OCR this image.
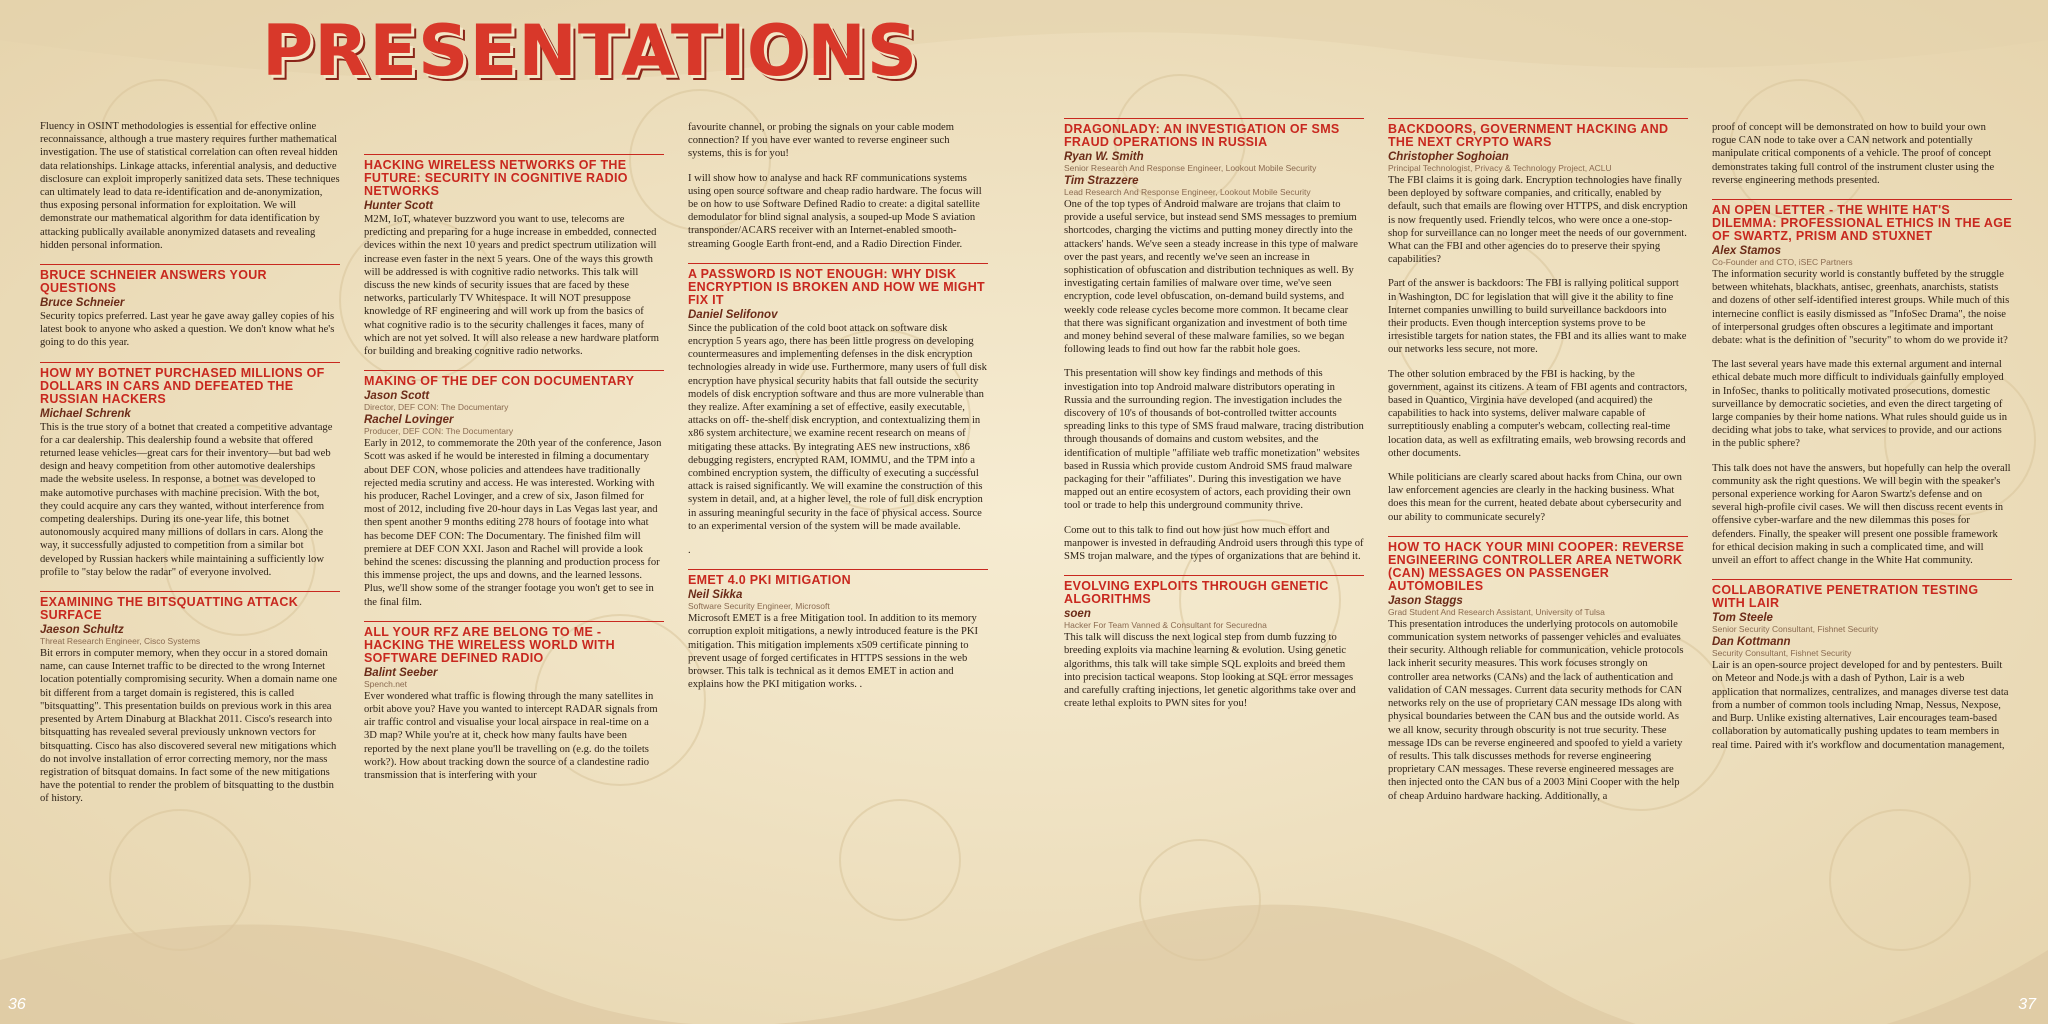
PRESENTATIONS

Fluency in OSINT methodologies is essential for effective online reconnaissance, although a true mastery requires further mathematical investigation. The use of statistical correlation can often reveal hidden data relationships. Linkage attacks, inferential analysis, and deductive disclosure can exploit improperly sanitized data sets. These techniques can ultimately lead to data re-identification and de-anonymization, thus exposing personal information for exploitation. We will demonstrate our mathematical algorithm for data identification by attacking publically available anonymized datasets and revealing hidden personal information.

BRUCE SCHNEIER ANSWERS YOUR QUESTIONS
Bruce Schneier

Security topics preferred. Last year he gave away galley copies of his latest book to anyone who asked a question. We don't know what he's going to do this year.

HOW MY BOTNET PURCHASED MILLIONS OF DOLLARS IN CARS AND DEFEATED THE RUSSIAN HACKERS
Michael Schrenk

This is the true story of a botnet that created a competitive advantage for a car dealership. This dealership found a website that offered returned lease vehicles—great cars for their inventory—but bad web design and heavy competition from other automotive dealerships made the website useless. In response, a botnet was developed to make automotive purchases with machine precision. With the bot, they could acquire any cars they wanted, without interference from competing dealerships. During its one-year life, this botnet autonomously acquired many millions of dollars in cars. Along the way, it successfully adjusted to competition from a similar bot developed by Russian hackers while maintaining a sufficiently low profile to "stay below the radar" of everyone involved.

EXAMINING THE BITSQUATTING ATTACK SURFACE
Jaeson Schultz
Threat Research Engineer, Cisco Systems

Bit errors in computer memory, when they occur in a stored domain name, can cause Internet traffic to be directed to the wrong Internet location potentially compromising security. When a domain name one bit different from a target domain is registered, this is called "bitsquatting". This presentation builds on previous work in this area presented by Artem Dinaburg at Blackhat 2011. Cisco's research into bitsquatting has revealed several previously unknown vectors for bitsquatting. Cisco has also discovered several new mitigations which do not involve installation of error correcting memory, nor the mass registration of bitsquat domains. In fact some of the new mitigations have the potential to render the problem of bitsquatting to the dustbin of history.

HACKING WIRELESS NETWORKS OF THE FUTURE: SECURITY IN COGNITIVE RADIO NETWORKS
Hunter Scott

M2M, IoT, whatever buzzword you want to use, telecoms are predicting and preparing for a huge increase in embedded, connected devices within the next 10 years and predict spectrum utilization will increase even faster in the next 5 years. One of the ways this growth will be addressed is with cognitive radio networks. This talk will discuss the new kinds of security issues that are faced by these networks, particularly TV Whitespace. It will NOT presuppose knowledge of RF engineering and will work up from the basics of what cognitive radio is to the security challenges it faces, many of which are not yet solved. It will also release a new hardware platform for building and breaking cognitive radio networks.

MAKING OF THE DEF CON DOCUMENTARY
Jason Scott
Director, DEF CON: The Documentary
Rachel Lovinger
Producer, DEF CON: The Documentary

Early in 2012, to commemorate the 20th year of the conference, Jason Scott was asked if he would be interested in filming a documentary about DEF CON, whose policies and attendees have traditionally rejected media scrutiny and access. He was interested. Working with his producer, Rachel Lovinger, and a crew of six, Jason filmed for most of 2012, including five 20-hour days in Las Vegas last year, and then spent another 9 months editing 278 hours of footage into what has become DEF CON: The Documentary. The finished film will premiere at DEF CON XXI. Jason and Rachel will provide a look behind the scenes: discussing the planning and production process for this immense project, the ups and downs, and the learned lessons. Plus, we'll show some of the stranger footage you won't get to see in the final film.

ALL YOUR RFZ ARE BELONG TO ME - HACKING THE WIRELESS WORLD WITH SOFTWARE DEFINED RADIO
Balint Seeber
Spench.net

Ever wondered what traffic is flowing through the many satellites in orbit above you? Have you wanted to intercept RADAR signals from air traffic control and visualise your local airspace in real-time on a 3D map? While you're at it, check how many faults have been reported by the next plane you'll be travelling on (e.g. do the toilets work?). How about tracking down the source of a clandestine radio transmission that is interfering with your

favourite channel, or probing the signals on your cable modem connection? If you have ever wanted to reverse engineer such systems, this is for you!

I will show how to analyse and hack RF communications systems using open source software and cheap radio hardware. The focus will be on how to use Software Defined Radio to create: a digital satellite demodulator for blind signal analysis, a souped-up Mode S aviation transponder/ACARS receiver with an Internet-enabled smooth-streaming Google Earth front-end, and a Radio Direction Finder.

A PASSWORD IS NOT ENOUGH: WHY DISK ENCRYPTION IS BROKEN AND HOW WE MIGHT FIX IT
Daniel Selifonov

Since the publication of the cold boot attack on software disk encryption 5 years ago, there has been little progress on developing countermeasures and implementing defenses in the disk encryption technologies already in wide use. Furthermore, many users of full disk encryption have physical security habits that fall outside the security models of disk encryption software and thus are more vulnerable than they realize. After examining a set of effective, easily executable, attacks on off- the-shelf disk encryption, and contextualizing them in x86 system architecture, we examine recent research on means of mitigating these attacks. By integrating AES new instructions, x86 debugging registers, encrypted RAM, IOMMU, and the TPM into a combined encryption system, the difficulty of executing a successful attack is raised significantly. We will examine the construction of this system in detail, and, at a higher level, the role of full disk encryption in assuring meaningful security in the face of physical access. Source to an experimental version of the system will be made available.

.

EMET 4.0 PKI MITIGATION
Neil Sikka
Software Security Engineer, Microsoft

Microsoft EMET is a free Mitigation tool. In addition to its memory corruption exploit mitigations, a newly introduced feature is the PKI mitigation. This mitigation implements x509 certificate pinning to prevent usage of forged certificates in HTTPS sessions in the web browser. This talk is technical as it demos EMET in action and explains how the PKI mitigation works. .

36
DRAGONLADY: AN INVESTIGATION OF SMS FRAUD OPERATIONS IN RUSSIA
Ryan W. Smith
Senior Research And Response Engineer, Lookout Mobile Security
Tim Strazzere
Lead Research And Response Engineer, Lookout Mobile Security

One of the top types of Android malware are trojans that claim to provide a useful service, but instead send SMS messages to premium shortcodes, charging the victims and putting money directly into the attackers' hands. We've seen a steady increase in this type of malware over the past years, and recently we've seen an increase in sophistication of obfuscation and distribution techniques as well. By investigating certain families of malware over time, we've seen encryption, code level obfuscation, on-demand build systems, and weekly code release cycles become more common. It became clear that there was significant organization and investment of both time and money behind several of these malware families, so we began following leads to find out how far the rabbit hole goes.

This presentation will show key findings and methods of this investigation into top Android malware distributors operating in Russia and the surrounding region. The investigation includes the discovery of 10's of thousands of bot-controlled twitter accounts spreading links to this type of SMS fraud malware, tracing distribution through thousands of domains and custom websites, and the identification of multiple "affiliate web traffic monetization" websites based in Russia which provide custom Android SMS fraud malware packaging for their "affiliates". During this investigation we have mapped out an entire ecosystem of actors, each providing their own tool or trade to help this underground community thrive.

Come out to this talk to find out how just how much effort and manpower is invested in defrauding Android users through this type of SMS trojan malware, and the types of organizations that are behind it.

EVOLVING EXPLOITS THROUGH GENETIC ALGORITHMS
soen
Hacker For Team Vanned & Consultant for Securedna

This talk will discuss the next logical step from dumb fuzzing to breeding exploits via machine learning & evolution. Using genetic algorithms, this talk will take simple SQL exploits and breed them into precision tactical weapons. Stop looking at SQL error messages and carefully crafting injections, let genetic algorithms take over and create lethal exploits to PWN sites for you!

BACKDOORS, GOVERNMENT HACKING AND THE NEXT CRYPTO WARS
Christopher Soghoian
Principal Technologist, Privacy & Technology Project, ACLU

The FBI claims it is going dark. Encryption technologies have finally been deployed by software companies, and critically, enabled by default, such that emails are flowing over HTTPS, and disk encryption is now frequently used. Friendly telcos, who were once a one-stop-shop for surveillance can no longer meet the needs of our government. What can the FBI and other agencies do to preserve their spying capabilities?

Part of the answer is backdoors: The FBI is rallying political support in Washington, DC for legislation that will give it the ability to fine Internet companies unwilling to build surveillance backdoors into their products. Even though interception systems prove to be irresistible targets for nation states, the FBI and its allies want to make our networks less secure, not more.

The other solution embraced by the FBI is hacking, by the government, against its citizens. A team of FBI agents and contractors, based in Quantico, Virginia have developed (and acquired) the capabilities to hack into systems, deliver malware capable of surreptitiously enabling a computer's webcam, collecting real-time location data, as well as exfiltrating emails, web browsing records and other documents.

While politicians are clearly scared about hacks from China, our own law enforcement agencies are clearly in the hacking business. What does this mean for the current, heated debate about cybersecurity and our ability to communicate securely?

HOW TO HACK YOUR MINI COOPER: REVERSE ENGINEERING CONTROLLER AREA NETWORK (CAN) MESSAGES ON PASSENGER AUTOMOBILES
Jason Staggs
Grad Student And Research Assistant, University of Tulsa

This presentation introduces the underlying protocols on automobile communication system networks of passenger vehicles and evaluates their security. Although reliable for communication, vehicle protocols lack inherit security measures. This work focuses strongly on controller area networks (CANs) and the lack of authentication and validation of CAN messages. Current data security methods for CAN networks rely on the use of proprietary CAN message IDs along with physical boundaries between the CAN bus and the outside world. As we all know, security through obscurity is not true security. These message IDs can be reverse engineered and spoofed to yield a variety of results. This talk discusses methods for reverse engineering proprietary CAN messages. These reverse engineered messages are then injected onto the CAN bus of a 2003 Mini Cooper with the help of cheap Arduino hardware hacking. Additionally, a

proof of concept will be demonstrated on how to build your own rogue CAN node to take over a CAN network and potentially manipulate critical components of a vehicle. The proof of concept demonstrates taking full control of the instrument cluster using the reverse engineering methods presented.

AN OPEN LETTER - THE WHITE HAT'S DILEMMA: PROFESSIONAL ETHICS IN THE AGE OF SWARTZ, PRISM AND STUXNET
Alex Stamos
Co-Founder and CTO, iSEC Partners

The information security world is constantly buffeted by the struggle between whitehats, blackhats, antisec, greenhats, anarchists, statists and dozens of other self-identified interest groups. While much of this internecine conflict is easily dismissed as "InfoSec Drama", the noise of interpersonal grudges often obscures a legitimate and important debate: what is the definition of "security" to whom do we provide it?

The last several years have made this external argument and internal ethical debate much more difficult to individuals gainfully employed in InfoSec, thanks to politically motivated prosecutions, domestic surveillance by democratic societies, and even the direct targeting of large companies by their home nations. What rules should guide us in deciding what jobs to take, what services to provide, and our actions in the public sphere?

This talk does not have the answers, but hopefully can help the overall community ask the right questions. We will begin with the speaker's personal experience working for Aaron Swartz's defense and on several high-profile civil cases. We will then discuss recent events in offensive cyber-warfare and the new dilemmas this poses for defenders. Finally, the speaker will present one possible framework for ethical decision making in such a complicated time, and will unveil an effort to affect change in the White Hat community.

COLLABORATIVE PENETRATION TESTING WITH LAIR
Tom Steele
Senior Security Consultant, Fishnet Security
Dan Kottmann
Security Consultant, Fishnet Security

Lair is an open-source project developed for and by pentesters. Built on Meteor and Node.js with a dash of Python, Lair is a web application that normalizes, centralizes, and manages diverse test data from a number of common tools including Nmap, Nessus, Nexpose, and Burp. Unlike existing alternatives, Lair encourages team-based collaboration by automatically pushing updates to team members in real time. Paired with it's workflow and documentation management,

37
